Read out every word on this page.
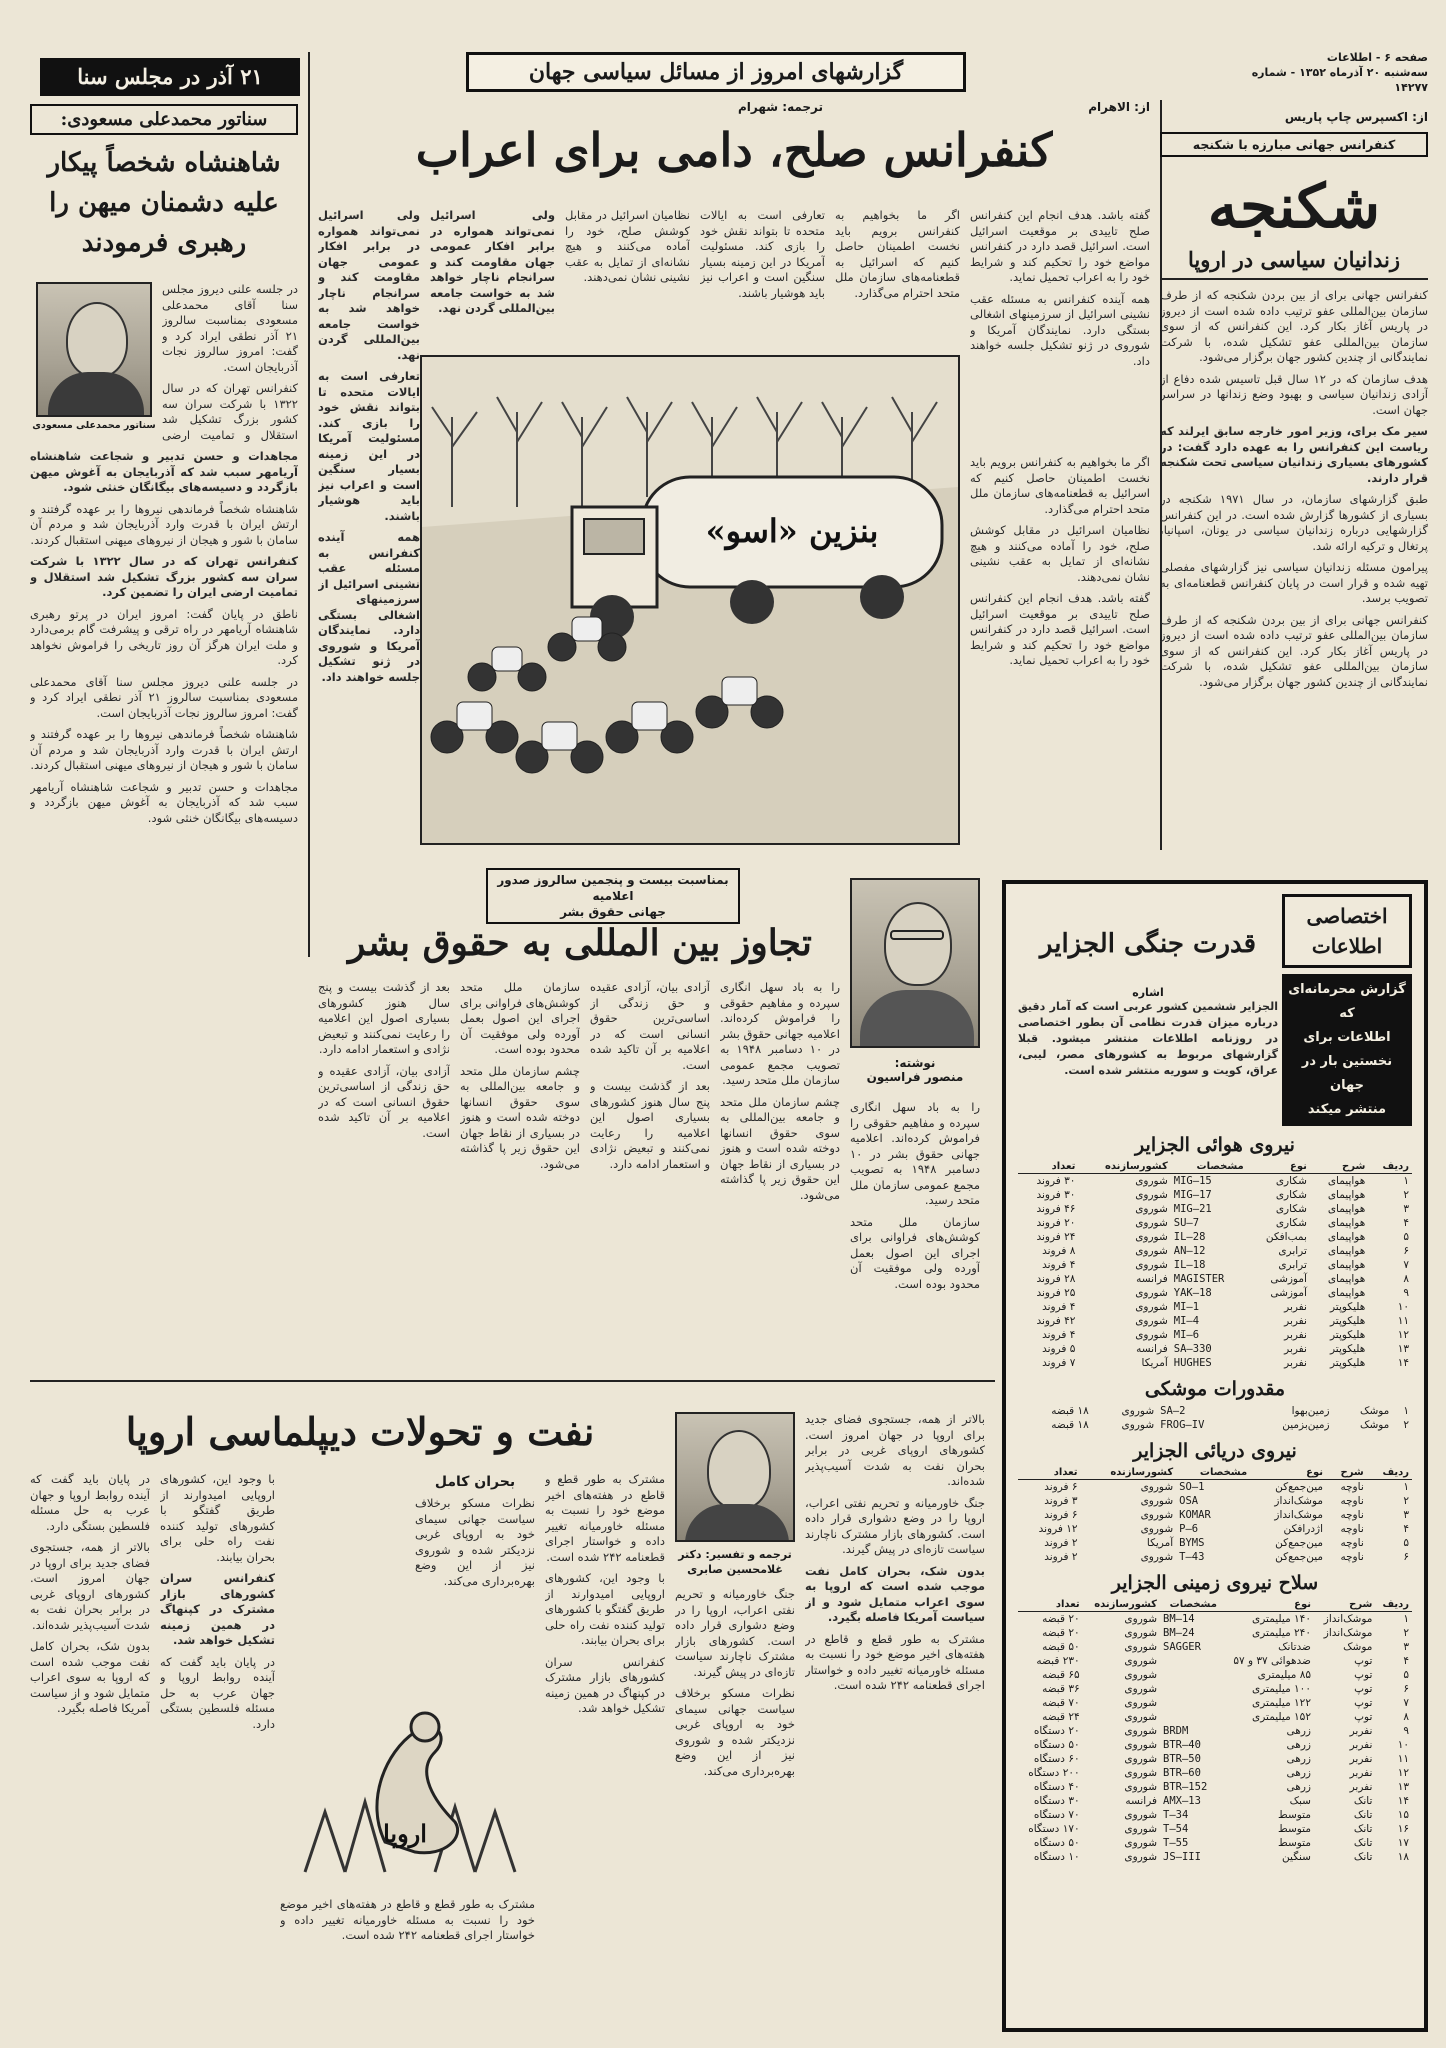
صفحه ۶ - اطلاعات
سه‌شنبه ۲۰ آذرماه ۱۳۵۲ - شماره ۱۴۲۷۷
گزارشهای امروز از مسائل سیاسی جهان
۲۱ آذر در مجلس سنا
از: اکسپرس چاپ پاریس
کنفرانس جهانی مبارزه با شکنجه
شکنجه
زندانیان سیاسی در اروپا

کنفرانس جهانی برای از بین بردن شکنجه که از طرف سازمان بین‌المللی عفو ترتیب داده شده است از دیروز در پاریس آغاز بکار کرد. این کنفرانس که از سوی سازمان بین‌المللی عفو تشکیل شده، با شرکت نمایندگانی از چندین کشور جهان برگزار می‌شود.

هدف سازمان که در ۱۲ سال قبل تاسیس شده دفاع از آزادی زندانیان سیاسی و بهبود وضع زندانها در سراسر جهان است.

سیر مک برای، وزیر امور خارجه سابق ایرلند که ریاست این کنفرانس را به عهده دارد گفت: در کشورهای بسیاری زندانیان سیاسی تحت شکنجه قرار دارند.

طبق گزارشهای سازمان، در سال ۱۹۷۱ شکنجه در بسیاری از کشورها گزارش شده است. در این کنفرانس گزارشهایی درباره زندانیان سیاسی در یونان، اسپانیا، پرتغال و ترکیه ارائه شد.

پیرامون مسئله زندانیان سیاسی نیز گزارشهای مفصلی تهیه شده و قرار است در پایان کنفرانس قطعنامه‌ای به تصویب برسد.

کنفرانس جهانی برای از بین بردن شکنجه که از طرف سازمان بین‌المللی عفو ترتیب داده شده است از دیروز در پاریس آغاز بکار کرد. این کنفرانس که از سوی سازمان بین‌المللی عفو تشکیل شده، با شرکت نمایندگانی از چندین کشور جهان برگزار می‌شود.

از: الاهرام
ترجمه: شهرام
کنفرانس صلح، دامی برای اعراب

گفته باشد. هدف انجام این کنفرانس صلح تاییدی بر موقعیت اسرائیل است. اسرائیل قصد دارد در کنفرانس مواضع خود را تحکیم کند و شرایط خود را به اعراب تحمیل نماید.

همه آینده کنفرانس به مسئله عقب نشینی اسرائیل از سرزمینهای اشغالی بستگی دارد. نمایندگان آمریکا و شوروی در ژنو تشکیل جلسه خواهند داد.

اگر ما بخواهیم به کنفرانس برویم باید نخست اطمینان حاصل کنیم که اسرائیل به قطعنامه‌های سازمان ملل متحد احترام می‌گذارد.

تعارفی است به ایالات متحده تا بتواند نقش خود را بازی کند. مسئولیت آمریکا در این زمینه بسیار سنگین است و اعراب نیز باید هوشیار باشند.

نظامیان اسرائیل در مقابل کوشش صلح، خود را آماده می‌کنند و هیچ نشانه‌ای از تمایل به عقب نشینی نشان نمی‌دهند.

ولی اسرائیل نمی‌تواند همواره در برابر افکار عمومی جهان مقاومت کند و سرانجام ناچار خواهد شد به خواست جامعه بین‌المللی گردن نهد.

ولی اسرائیل نمی‌تواند همواره در برابر افکار عمومی جهان مقاومت کند و سرانجام ناچار خواهد شد به خواست جامعه بین‌المللی گردن نهد.

تعارفی است به ایالات متحده تا بتواند نقش خود را بازی کند. مسئولیت آمریکا در این زمینه بسیار سنگین است و اعراب نیز باید هوشیار باشند.

همه آینده کنفرانس به مسئله عقب نشینی اسرائیل از سرزمینهای اشغالی بستگی دارد. نمایندگان آمریکا و شوروی در ژنو تشکیل جلسه خواهند داد.

اگر ما بخواهیم به کنفرانس برویم باید نخست اطمینان حاصل کنیم که اسرائیل به قطعنامه‌های سازمان ملل متحد احترام می‌گذارد.

نظامیان اسرائیل در مقابل کوشش صلح، خود را آماده می‌کنند و هیچ نشانه‌ای از تمایل به عقب نشینی نشان نمی‌دهند.

گفته باشد. هدف انجام این کنفرانس صلح تاییدی بر موقعیت اسرائیل است. اسرائیل قصد دارد در کنفرانس مواضع خود را تحکیم کند و شرایط خود را به اعراب تحمیل نماید.

بنزین «اسو»
سناتور محمدعلی مسعودی:
شاهنشاه شخصاً پیکار
علیه دشمنان میهن را
رهبری فرمودند
سناتور محمدعلی مسعودی

در جلسه علنی دیروز مجلس سنا آقای محمدعلی مسعودی بمناسبت سالروز ۲۱ آذر نطقی ایراد کرد و گفت: امروز سالروز نجات آذربایجان است.

کنفرانس تهران که در سال ۱۳۲۲ با شرکت سران سه کشور بزرگ تشکیل شد استقلال و تمامیت ارضی

مجاهدات و حسن تدبیر و شجاعت شاهنشاه آریامهر سبب شد که آذربایجان به آغوش میهن بازگردد و دسیسه‌های بیگانگان خنثی شود.

شاهنشاه شخصاً فرماندهی نیروها را بر عهده گرفتند و ارتش ایران با قدرت وارد آذربایجان شد و مردم آن سامان با شور و هیجان از نیروهای میهنی استقبال کردند.

کنفرانس تهران که در سال ۱۳۲۲ با شرکت سران سه کشور بزرگ تشکیل شد استقلال و تمامیت ارضی ایران را تضمین کرد.

ناطق در پایان گفت: امروز ایران در پرتو رهبری شاهنشاه آریامهر در راه ترقی و پیشرفت گام برمی‌دارد و ملت ایران هرگز آن روز تاریخی را فراموش نخواهد کرد.

در جلسه علنی دیروز مجلس سنا آقای محمدعلی مسعودی بمناسبت سالروز ۲۱ آذر نطقی ایراد کرد و گفت: امروز سالروز نجات آذربایجان است.

شاهنشاه شخصاً فرماندهی نیروها را بر عهده گرفتند و ارتش ایران با قدرت وارد آذربایجان شد و مردم آن سامان با شور و هیجان از نیروهای میهنی استقبال کردند.

مجاهدات و حسن تدبیر و شجاعت شاهنشاه آریامهر سبب شد که آذربایجان به آغوش میهن بازگردد و دسیسه‌های بیگانگان خنثی شود.

بمناسبت بیست و پنجمین سالروز صدور اعلامیه
جهانی حقوق بشر
تجاوز بین المللی به حقوق بشر
نوشته:
منصور فراسیون

را به باد سهل انگاری سپرده و مفاهیم حقوقی را فراموش کرده‌اند. اعلامیه جهانی حقوق بشر در ۱۰ دسامبر ۱۹۴۸ به تصویب مجمع عمومی سازمان ملل متحد رسید.

چشم سازمان ملل متحد و جامعه بین‌المللی به سوی حقوق انسانها دوخته شده است و هنوز در بسیاری از نقاط جهان این حقوق زیر پا گذاشته می‌شود.

آزادی بیان، آزادی عقیده و حق زندگی از اساسی‌ترین حقوق انسانی است که در اعلامیه بر آن تاکید شده است.

بعد از گذشت بیست و پنج سال هنوز کشورهای بسیاری اصول این اعلامیه را رعایت نمی‌کنند و تبعیض نژادی و استعمار ادامه دارد.

سازمان ملل متحد کوشش‌های فراوانی برای اجرای این اصول بعمل آورده ولی موفقیت آن محدود بوده است.

چشم سازمان ملل متحد و جامعه بین‌المللی به سوی حقوق انسانها دوخته شده است و هنوز در بسیاری از نقاط جهان این حقوق زیر پا گذاشته می‌شود.

بعد از گذشت بیست و پنج سال هنوز کشورهای بسیاری اصول این اعلامیه را رعایت نمی‌کنند و تبعیض نژادی و استعمار ادامه دارد.

آزادی بیان، آزادی عقیده و حق زندگی از اساسی‌ترین حقوق انسانی است که در اعلامیه بر آن تاکید شده است.

را به باد سهل انگاری سپرده و مفاهیم حقوقی را فراموش کرده‌اند. اعلامیه جهانی حقوق بشر در ۱۰ دسامبر ۱۹۴۸ به تصویب مجمع عمومی سازمان ملل متحد رسید.

سازمان ملل متحد کوشش‌های فراوانی برای اجرای این اصول بعمل آورده ولی موفقیت آن محدود بوده است.

نفت و تحولات دیپلماسی اروپا
ترجمه و تفسیر: دکتر غلامحسین صابری

بالاتر از همه، جستجوی فضای جدید برای اروپا در جهان امروز است. کشورهای اروپای غربی در برابر بحران نفت به شدت آسیب‌پذیر شده‌اند.

جنگ خاورمیانه و تحریم نفتی اعراب، اروپا را در وضع دشواری قرار داده است. کشورهای بازار مشترک ناچارند سیاست تازه‌ای در پیش گیرند.

بدون شک، بحران کامل نفت موجب شده است که اروپا به سوی اعراب متمایل شود و از سیاست آمریکا فاصله بگیرد.

مشترک به طور قطع و قاطع در هفته‌های اخیر موضع خود را نسبت به مسئله خاورمیانه تغییر داده و خواستار اجرای قطعنامه ۲۴۲ شده است.

جنگ خاورمیانه و تحریم نفتی اعراب، اروپا را در وضع دشواری قرار داده است. کشورهای بازار مشترک ناچارند سیاست تازه‌ای در پیش گیرند.

نظرات مسکو برخلاف سیاست جهانی سیمای خود به اروپای غربی نزدیکتر شده و شوروی نیز از این وضع بهره‌برداری می‌کند.

مشترک به طور قطع و قاطع در هفته‌های اخیر موضع خود را نسبت به مسئله خاورمیانه تغییر داده و خواستار اجرای قطعنامه ۲۴۲ شده است.

با وجود این، کشورهای اروپایی امیدوارند از طریق گفتگو با کشورهای تولید کننده نفت راه حلی برای بحران بیابند.

کنفرانس سران کشورهای بازار مشترک در کپنهاگ در همین زمینه تشکیل خواهد شد.

بحران کامل

نظرات مسکو برخلاف سیاست جهانی سیمای خود به اروپای غربی نزدیکتر شده و شوروی نیز از این وضع بهره‌برداری می‌کند.

اروپا

با وجود این، کشورهای اروپایی امیدوارند از طریق گفتگو با کشورهای تولید کننده نفت راه حلی برای بحران بیابند.

کنفرانس سران کشورهای بازار مشترک در کپنهاگ در همین زمینه تشکیل خواهد شد.

در پایان باید گفت که آینده روابط اروپا و جهان عرب به حل مسئله فلسطین بستگی دارد.

در پایان باید گفت که آینده روابط اروپا و جهان عرب به حل مسئله فلسطین بستگی دارد.

بالاتر از همه، جستجوی فضای جدید برای اروپا در جهان امروز است. کشورهای اروپای غربی در برابر بحران نفت به شدت آسیب‌پذیر شده‌اند.

بدون شک، بحران کامل نفت موجب شده است که اروپا به سوی اعراب متمایل شود و از سیاست آمریکا فاصله بگیرد.

مشترک به طور قطع و قاطع در هفته‌های اخیر موضع خود را نسبت به مسئله خاورمیانه تغییر داده و خواستار اجرای قطعنامه ۲۴۲ شده است.

اختصاصی
اطلاعات
گزارش محرمانه‌ای که
اطلاعات برای
نخستین بار در جهان
منتشر میکند
قدرت جنگی الجزایر
اشاره
الجزایر ششمین کشور عربی است که آمار دقیق درباره میزان قدرت نظامی آن بطور اختصاصی در روزنامه اطلاعات منتشر میشود. قبلا گزارشهای مربوط به کشورهای مصر، لیبی، عراق، کویت و سوریه منتشر شده است.
نیروی هوائی الجزایر
ردیف	شرح	نوع	مشخصات	کشورسازنده	تعداد
۱	هواپیمای	شکاری	MIG—15	شوروی	۳۰ فروند
۲	هواپیمای	شکاری	MIG—17	شوروی	۳۰ فروند
۳	هواپیمای	شکاری	MIG—21	شوروی	۴۶ فروند
۴	هواپیمای	شکاری	SU—7	شوروی	۲۰ فروند
۵	هواپیمای	بمب‌افکن	IL—28	شوروی	۲۴ فروند
۶	هواپیمای	ترابری	AN—12	شوروی	۸ فروند
۷	هواپیمای	ترابری	IL—18	شوروی	۴ فروند
۸	هواپیمای	آموزشی	MAGISTER	فرانسه	۲۸ فروند
۹	هواپیمای	آموزشی	YAK—18	شوروی	۲۵ فروند
۱۰	هلیکوپتر	نفربر	MI—1	شوروی	۴ فروند
۱۱	هلیکوپتر	نفربر	MI—4	شوروی	۴۲ فروند
۱۲	هلیکوپتر	نفربر	MI—6	شوروی	۴ فروند
۱۳	هلیکوپتر	نفربر	SA—330	فرانسه	۵ فروند
۱۴	هلیکوپتر	نفربر	HUGHES	آمریکا	۷ فروند
مقدورات موشکی
۱	موشک	زمین‌بهوا	SA—2	شوروی	۱۸ قبضه
۲	موشک	زمین‌بزمین	FROG—IV	شوروی	۱۸ قبضه
نیروی دریائی الجزایر
ردیف	شرح	نوع	مشخصات	کشورسازنده	تعداد
۱	ناوچه	مین‌جمع‌کن	SO—1	شوروی	۶ فروند
۲	ناوچه	موشک‌انداز	OSA	شوروی	۳ فروند
۳	ناوچه	موشک‌انداز	KOMAR	شوروی	۶ فروند
۴	ناوچه	اژدرافکن	P—6	شوروی	۱۲ فروند
۵	ناوچه	مین‌جمع‌کن	BYMS	آمریکا	۲ فروند
۶	ناوچه	مین‌جمع‌کن	T—43	شوروی	۲ فروند
سلاح نیروی زمینی الجزایر
ردیف	شرح	نوع	مشخصات	کشورسازنده	تعداد
۱	موشک‌انداز	۱۴۰ میلیمتری	BM—14	شوروی	۲۰ قبضه
۲	موشک‌انداز	۲۴۰ میلیمتری	BM—24	شوروی	۲۰ قبضه
۳	موشک	ضدتانک	SAGGER	شوروی	۵۰ قبضه
۴	توپ	ضدهوائی ۳۷ و ۵۷		شوروی	۲۳۰ قبضه
۵	توپ	۸۵ میلیمتری		شوروی	۶۵ قبضه
۶	توپ	۱۰۰ میلیمتری		شوروی	۳۶ قبضه
۷	توپ	۱۲۲ میلیمتری		شوروی	۷۰ قبضه
۸	توپ	۱۵۲ میلیمتری		شوروی	۲۴ قبضه
۹	نفربر	زرهی	BRDM	شوروی	۲۰ دستگاه
۱۰	نفربر	زرهی	BTR—40	شوروی	۵۰ دستگاه
۱۱	نفربر	زرهی	BTR—50	شوروی	۶۰ دستگاه
۱۲	نفربر	زرهی	BTR—60	شوروی	۲۰۰ دستگاه
۱۳	نفربر	زرهی	BTR—152	شوروی	۴۰ دستگاه
۱۴	تانک	سبک	AMX—13	فرانسه	۳۰ دستگاه
۱۵	تانک	متوسط	T—34	شوروی	۷۰ دستگاه
۱۶	تانک	متوسط	T—54	شوروی	۱۷۰ دستگاه
۱۷	تانک	متوسط	T—55	شوروی	۵۰ دستگاه
۱۸	تانک	سنگین	JS—III	شوروی	۱۰ دستگاه
